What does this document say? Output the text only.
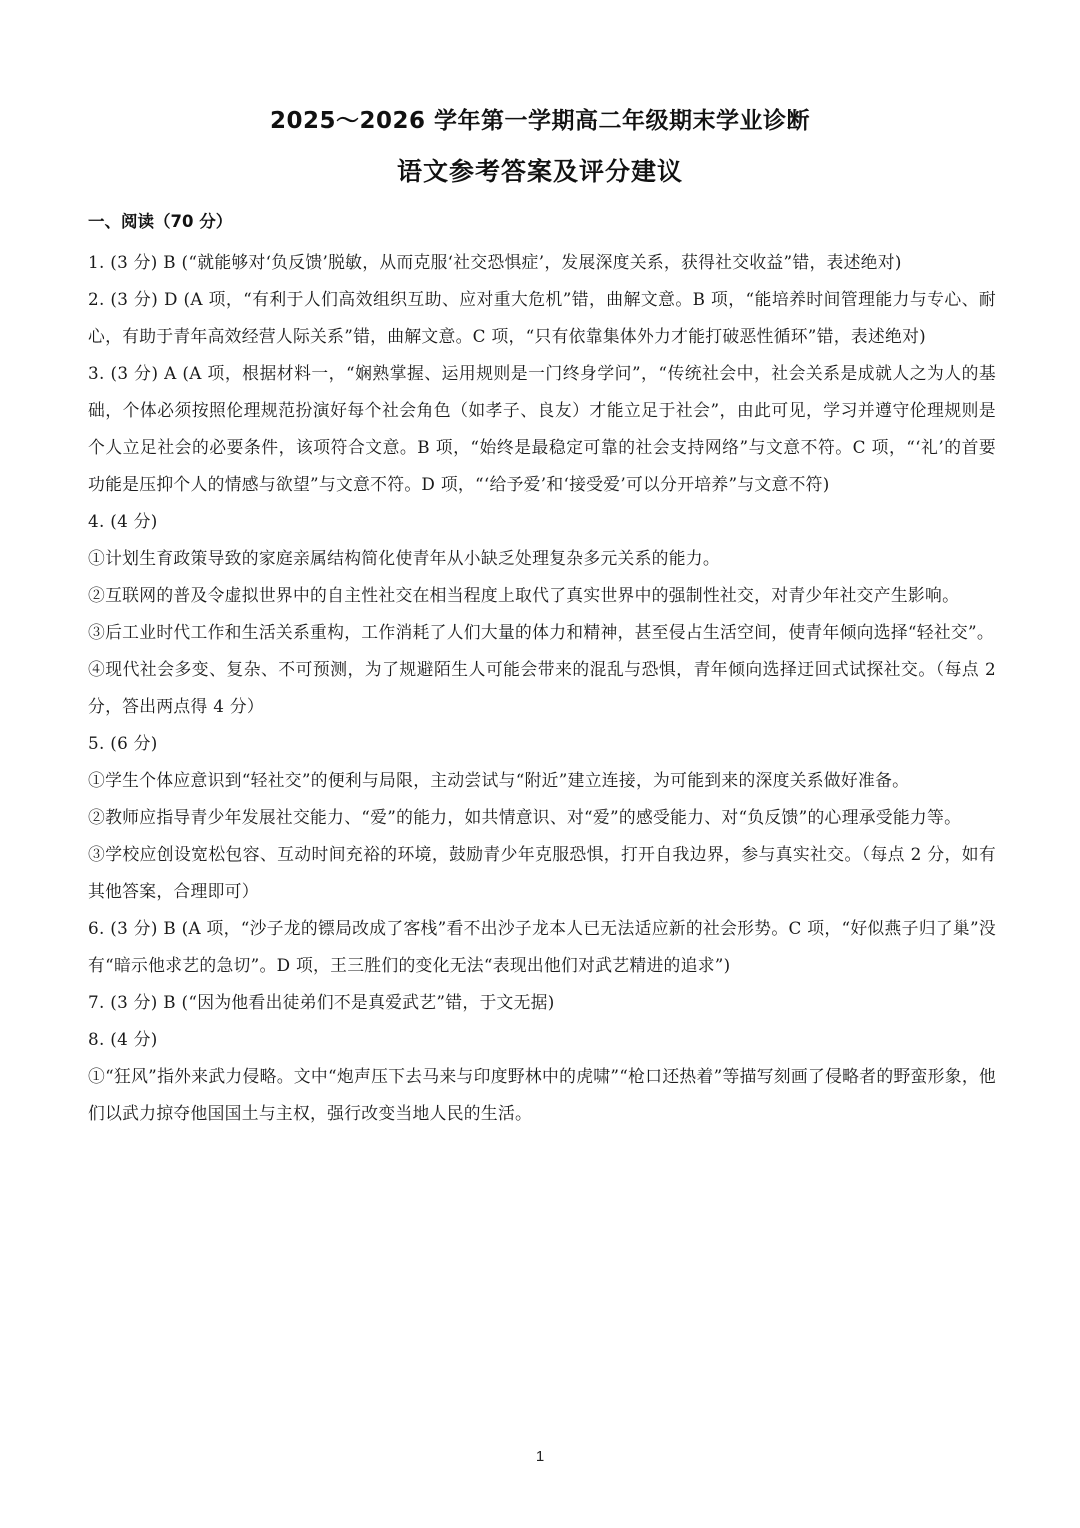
2025～2026 学年第一学期高二年级期末学业诊断
语文参考答案及评分建议
一、阅读（70 分）

1. (3 分) B (“就能够对‘负反馈’脱敏，从而克服‘社交恐惧症’，发展深度关系，获得社交收益”错，表述绝对)

2. (3 分) D (A 项，“有利于人们高效组织互助、应对重大危机”错，曲解文意。B 项，“能培养时间管理能力与专心、耐心，有助于青年高效经营人际关系”错，曲解文意。C 项，“只有依靠集体外力才能打破恶性循环”错，表述绝对)

3. (3 分) A (A 项，根据材料一，“娴熟掌握、运用规则是一门终身学问”，“传统社会中，社会关系是成就人之为人的基础，个体必须按照伦理规范扮演好每个社会角色（如孝子、良友）才能立足于社会”，由此可见，学习并遵守伦理规则是个人立足社会的必要条件，该项符合文意。B 项，“始终是最稳定可靠的社会支持网络”与文意不符。C 项，“‘礼’的首要功能是压抑个人的情感与欲望”与文意不符。D 项，“‘给予爱’和‘接受爱’可以分开培养”与文意不符)

4. (4 分)

①计划生育政策导致的家庭亲属结构简化使青年从小缺乏处理复杂多元关系的能力。

②互联网的普及令虚拟世界中的自主性社交在相当程度上取代了真实世界中的强制性社交，对青少年社交产生影响。

③后工业时代工作和生活关系重构，工作消耗了人们大量的体力和精神，甚至侵占生活空间，使青年倾向选择“轻社交”。

④现代社会多变、复杂、不可预测，为了规避陌生人可能会带来的混乱与恐惧，青年倾向选择迂回式试探社交。（每点 2 分，答出两点得 4 分）

5. (6 分)

①学生个体应意识到“轻社交”的便利与局限，主动尝试与“附近”建立连接，为可能到来的深度关系做好准备。

②教师应指导青少年发展社交能力、“爱”的能力，如共情意识、对“爱”的感受能力、对“负反馈”的心理承受能力等。

③学校应创设宽松包容、互动时间充裕的环境，鼓励青少年克服恐惧，打开自我边界，参与真实社交。（每点 2 分，如有其他答案，合理即可）

6. (3 分) B (A 项，“沙子龙的镖局改成了客栈”看不出沙子龙本人已无法适应新的社会形势。C 项，“好似燕子归了巢”没有“暗示他求艺的急切”。D 项，王三胜们的变化无法“表现出他们对武艺精进的追求”)

7. (3 分) B (“因为他看出徒弟们不是真爱武艺”错，于文无据)

8. (4 分)

①“狂风”指外来武力侵略。文中“炮声压下去马来与印度野林中的虎啸”“枪口还热着”等描写刻画了侵略者的野蛮形象，他们以武力掠夺他国国土与主权，强行改变当地人民的生活。

1
